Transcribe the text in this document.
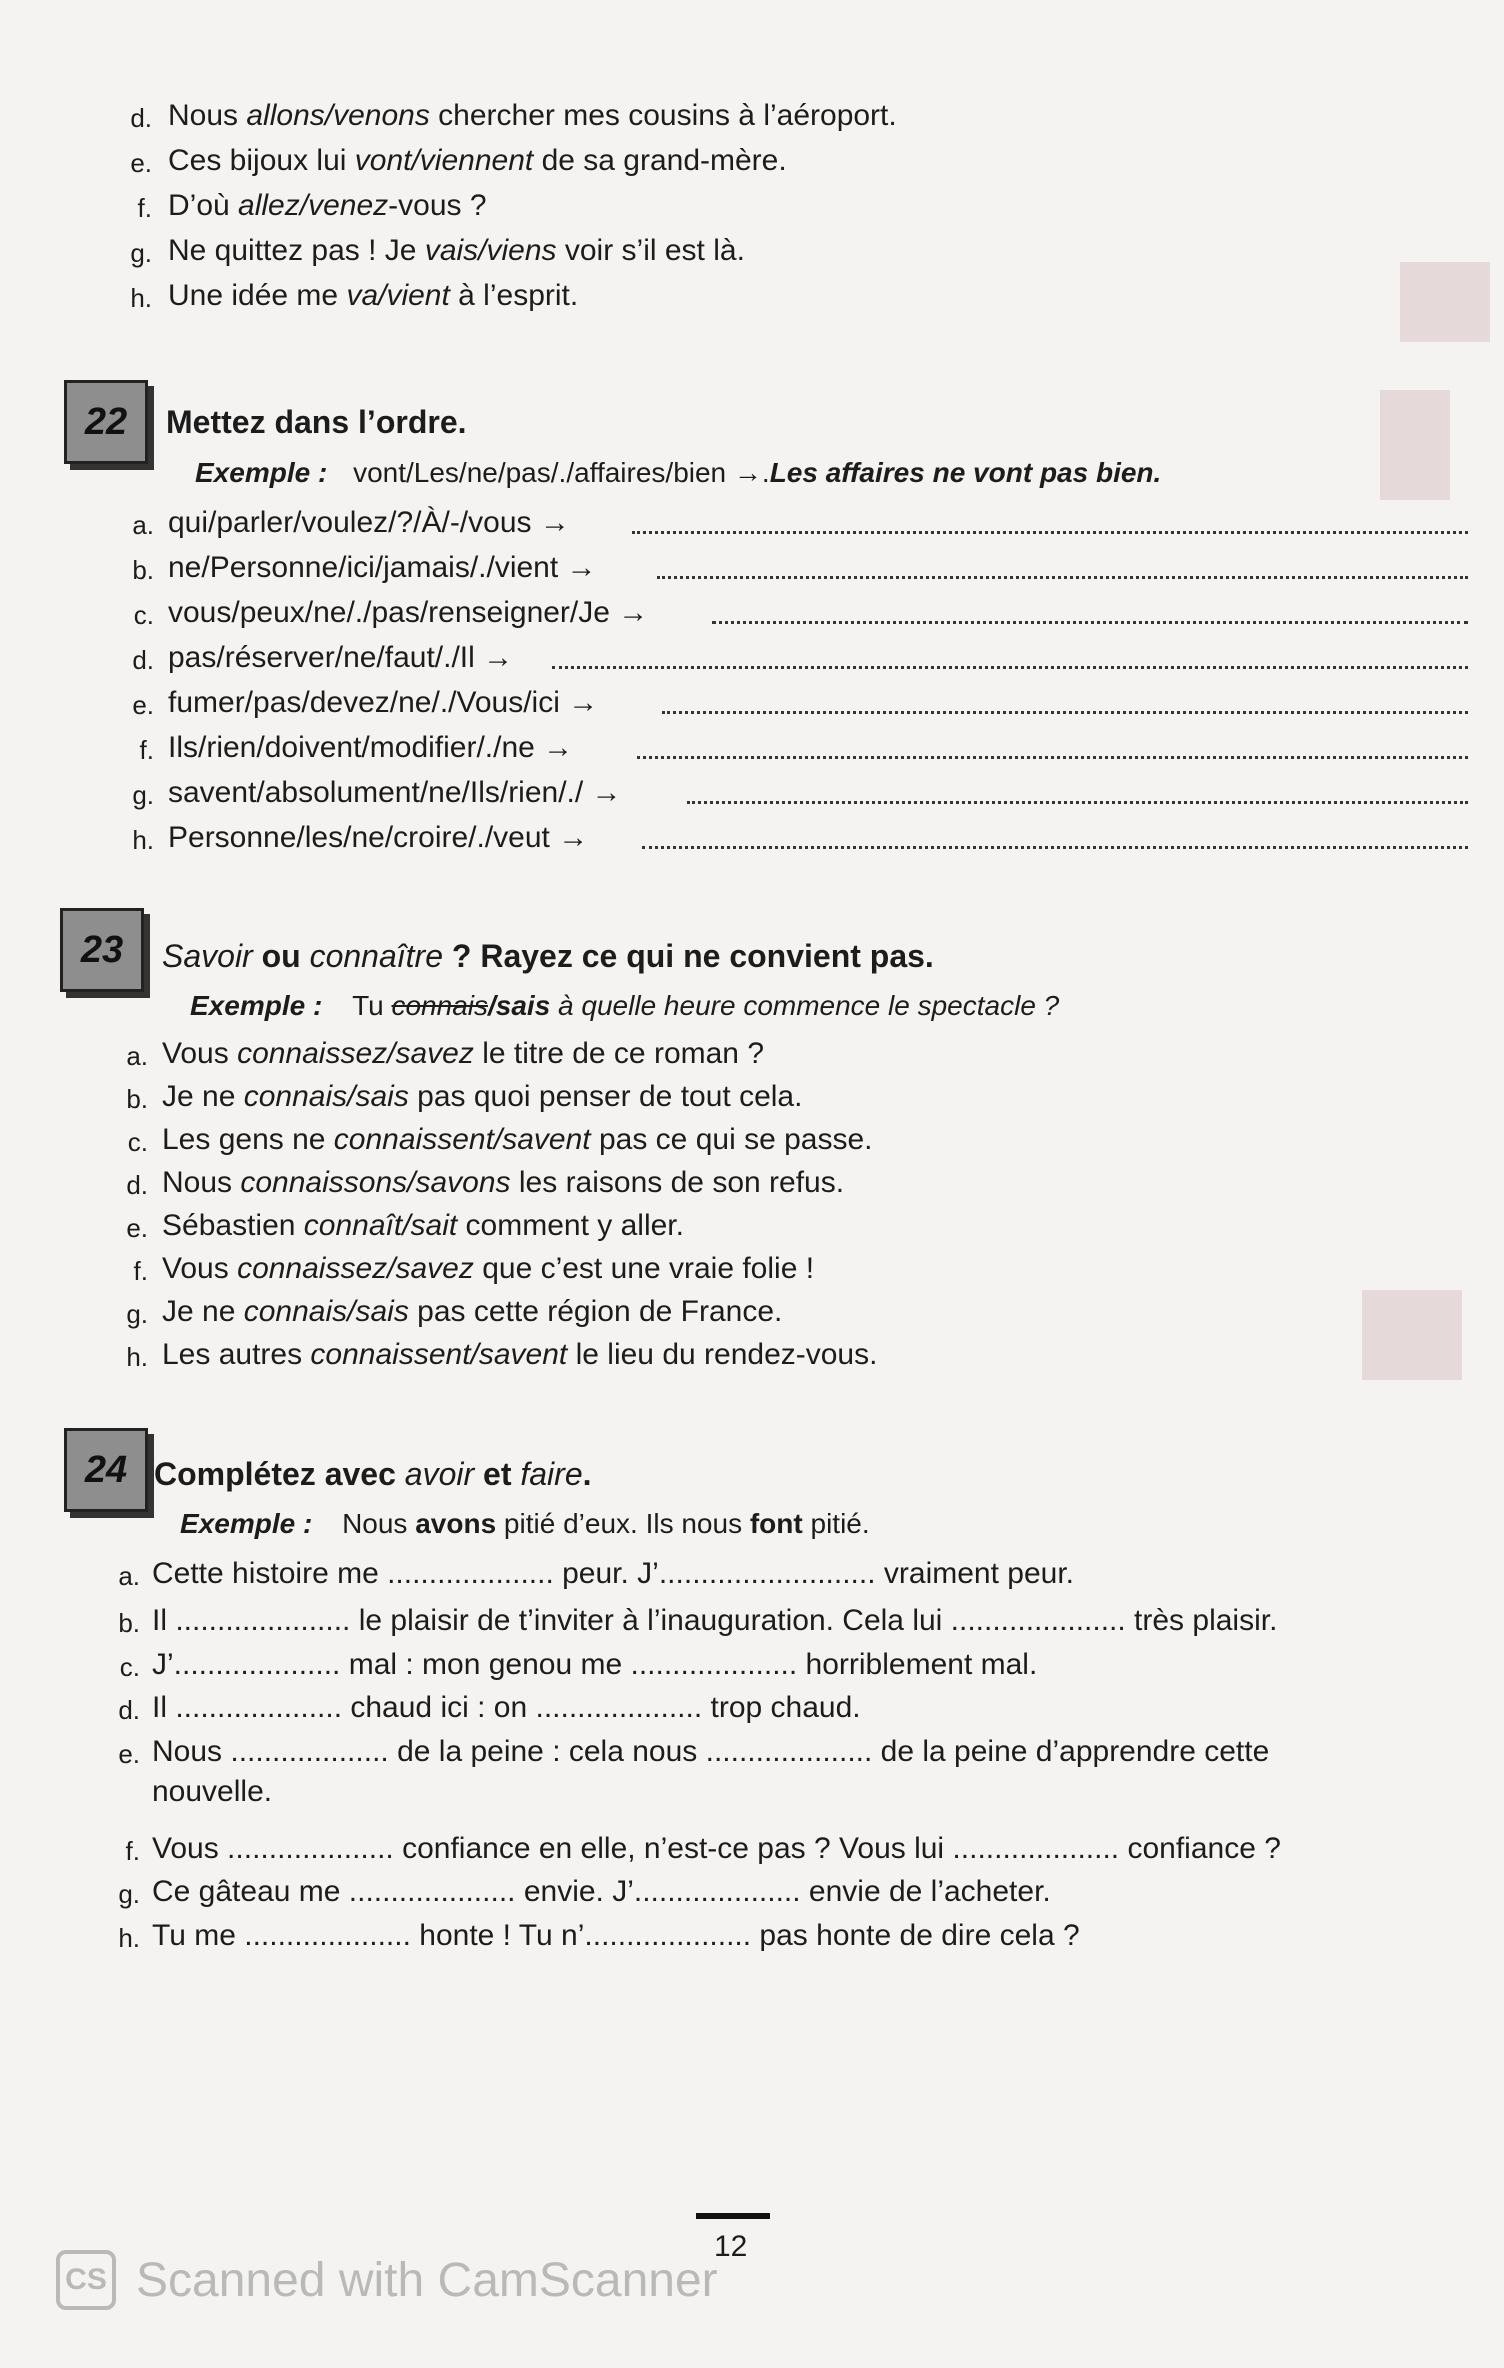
d. Nous allons/venons chercher mes cousins à l’aéroport.
e. Ces bijoux lui vont/viennent de sa grand-mère.
f. D’où allez/venez-vous ?
g. Ne quittez pas ! Je vais/viens voir s’il est là.
h. Une idée me va/vient à l’esprit.
22	Mettez dans l’ordre.
Exemple : vont/Les/ne/pas/./affaires/bien →.Les affaires ne vont pas bien.
a. qui/parler/voulez/?/À/-/vous →
b. ne/Personne/ici/jamais/./vient →
c. vous/peux/ne/./pas/renseigner/Je →
d. pas/réserver/ne/faut/./Il →
e. fumer/pas/devez/ne/./Vous/ici →
f. Ils/rien/doivent/modifier/./ne →
g. savent/absolument/ne/Ils/rien/./ →
h. Personne/les/ne/croire/./veut →
23	Savoir ou connaître ? Rayez ce qui ne convient pas.
Exemple : Tu connais/sais à quelle heure commence le spectacle ?
a. Vous connaissez/savez le titre de ce roman ?
b. Je ne connais/sais pas quoi penser de tout cela.
c. Les gens ne connaissent/savent pas ce qui se passe.
d. Nous connaissons/savons les raisons de son refus.
e. Sébastien connaît/sait comment y aller.
f. Vous connaissez/savez que c’est une vraie folie !
g. Je ne connais/sais pas cette région de France.
h. Les autres connaissent/savent le lieu du rendez-vous.
24 Complétez avec avoir et faire.
Exemple : Nous avons pitié d’eux. Ils nous font pitié.
a. Cette histoire me .................... peur. J’.......................... vraiment peur.
b. Il ..................... le plaisir de t’inviter à l’inauguration. Cela lui ..................... très plaisir.
c. J’.................... mal : mon genou me .................... horriblement mal.
d. Il .................... chaud ici : on .................... trop chaud.
e. Nous ................... de la peine : cela nous .................... de la peine d’apprendre cette
nouvelle.
f. Vous .................... confiance en elle, n’est-ce pas ? Vous lui .................... confiance ?
g. Ce gâteau me .................... envie. J’.................... envie de l’acheter.
h. Tu me .................... honte ! Tu n’.................... pas honte de dire cela ?
12
CS Scanned with CamScanner
